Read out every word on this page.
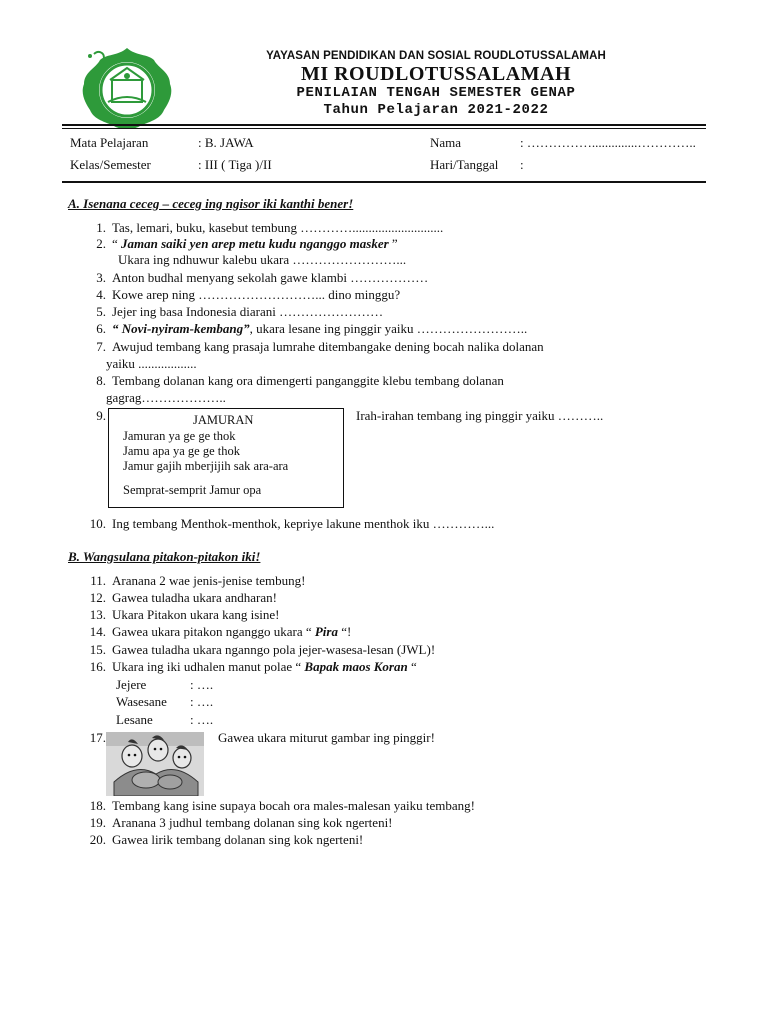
YAYASAN PENDIDIKAN DAN SOSIAL ROUDLOTUSSALAMAH
MI ROUDLOTUSSALAMAH
PENILAIAN TENGAH SEMESTER GENAP
Tahun Pelajaran 2021-2022
Mata Pelajaran	: B. JAWA	Nama	: ……………..............…………..
Kelas/Semester	: III ( Tiga )/II	Hari/Tanggal :
A. Isenana ceceg – ceceg ing ngisor iki kanthi bener!
1. Tas, lemari, buku, kasebut tembung …………............................
2. “ Jaman saiki yen arep metu kudu nganggo masker ”
Ukara ing ndhuwur kalebu ukara ……………………...
3. Anton budhal menyang sekolah gawe klambi ………………
4. Kowe arep ning ………………………... dino minggu?
5. Jejer ing basa Indonesia diarani ……………………
6. “ Novi-nyiram-kembang”, ukara lesane ing pinggir yaiku ……………………..
7. Awujud tembang kang prasaja lumrahe ditembangake dening bocah nalika dolanan
yaiku ..................
8. Tembang dolanan kang ora dimengerti panganggite klebu tembang dolanan
gagrag………………..
9.	JAMURAN
Jamuran ya ge ge thok
Jamu apa ya ge ge thok
Jamur gajih mberjijih sak ara-ara
Semprat-semprit Jamur opa
Irah-irahan tembang ing pinggir yaiku ………..
10. Ing tembang Menthok-menthok, kepriye lakune menthok iku …………...
B. Wangsulana pitakon-pitakon iki!
11. Aranana 2 wae jenis-jenise tembung!
12. Gawea tuladha ukara andharan!
13. Ukara Pitakon ukara kang isine!
14. Gawea ukara pitakon nganggo ukara “ Pira “!
15. Gawea tuladha ukara nganngo pola jejer-wasesa-lesan (JWL)!
16. Ukara ing iki udhalen manut polae “ Bapak maos Koran “
Jejere	: ….
Wasesane : ….
Lesane	: ….
17.	Gawea ukara miturut gambar ing pinggir!
18. Tembang kang isine supaya bocah ora males-malesan yaiku tembang!
19. Aranana 3 judhul tembang dolanan sing kok ngerteni!
20. Gawea lirik tembang dolanan sing kok ngerteni!
